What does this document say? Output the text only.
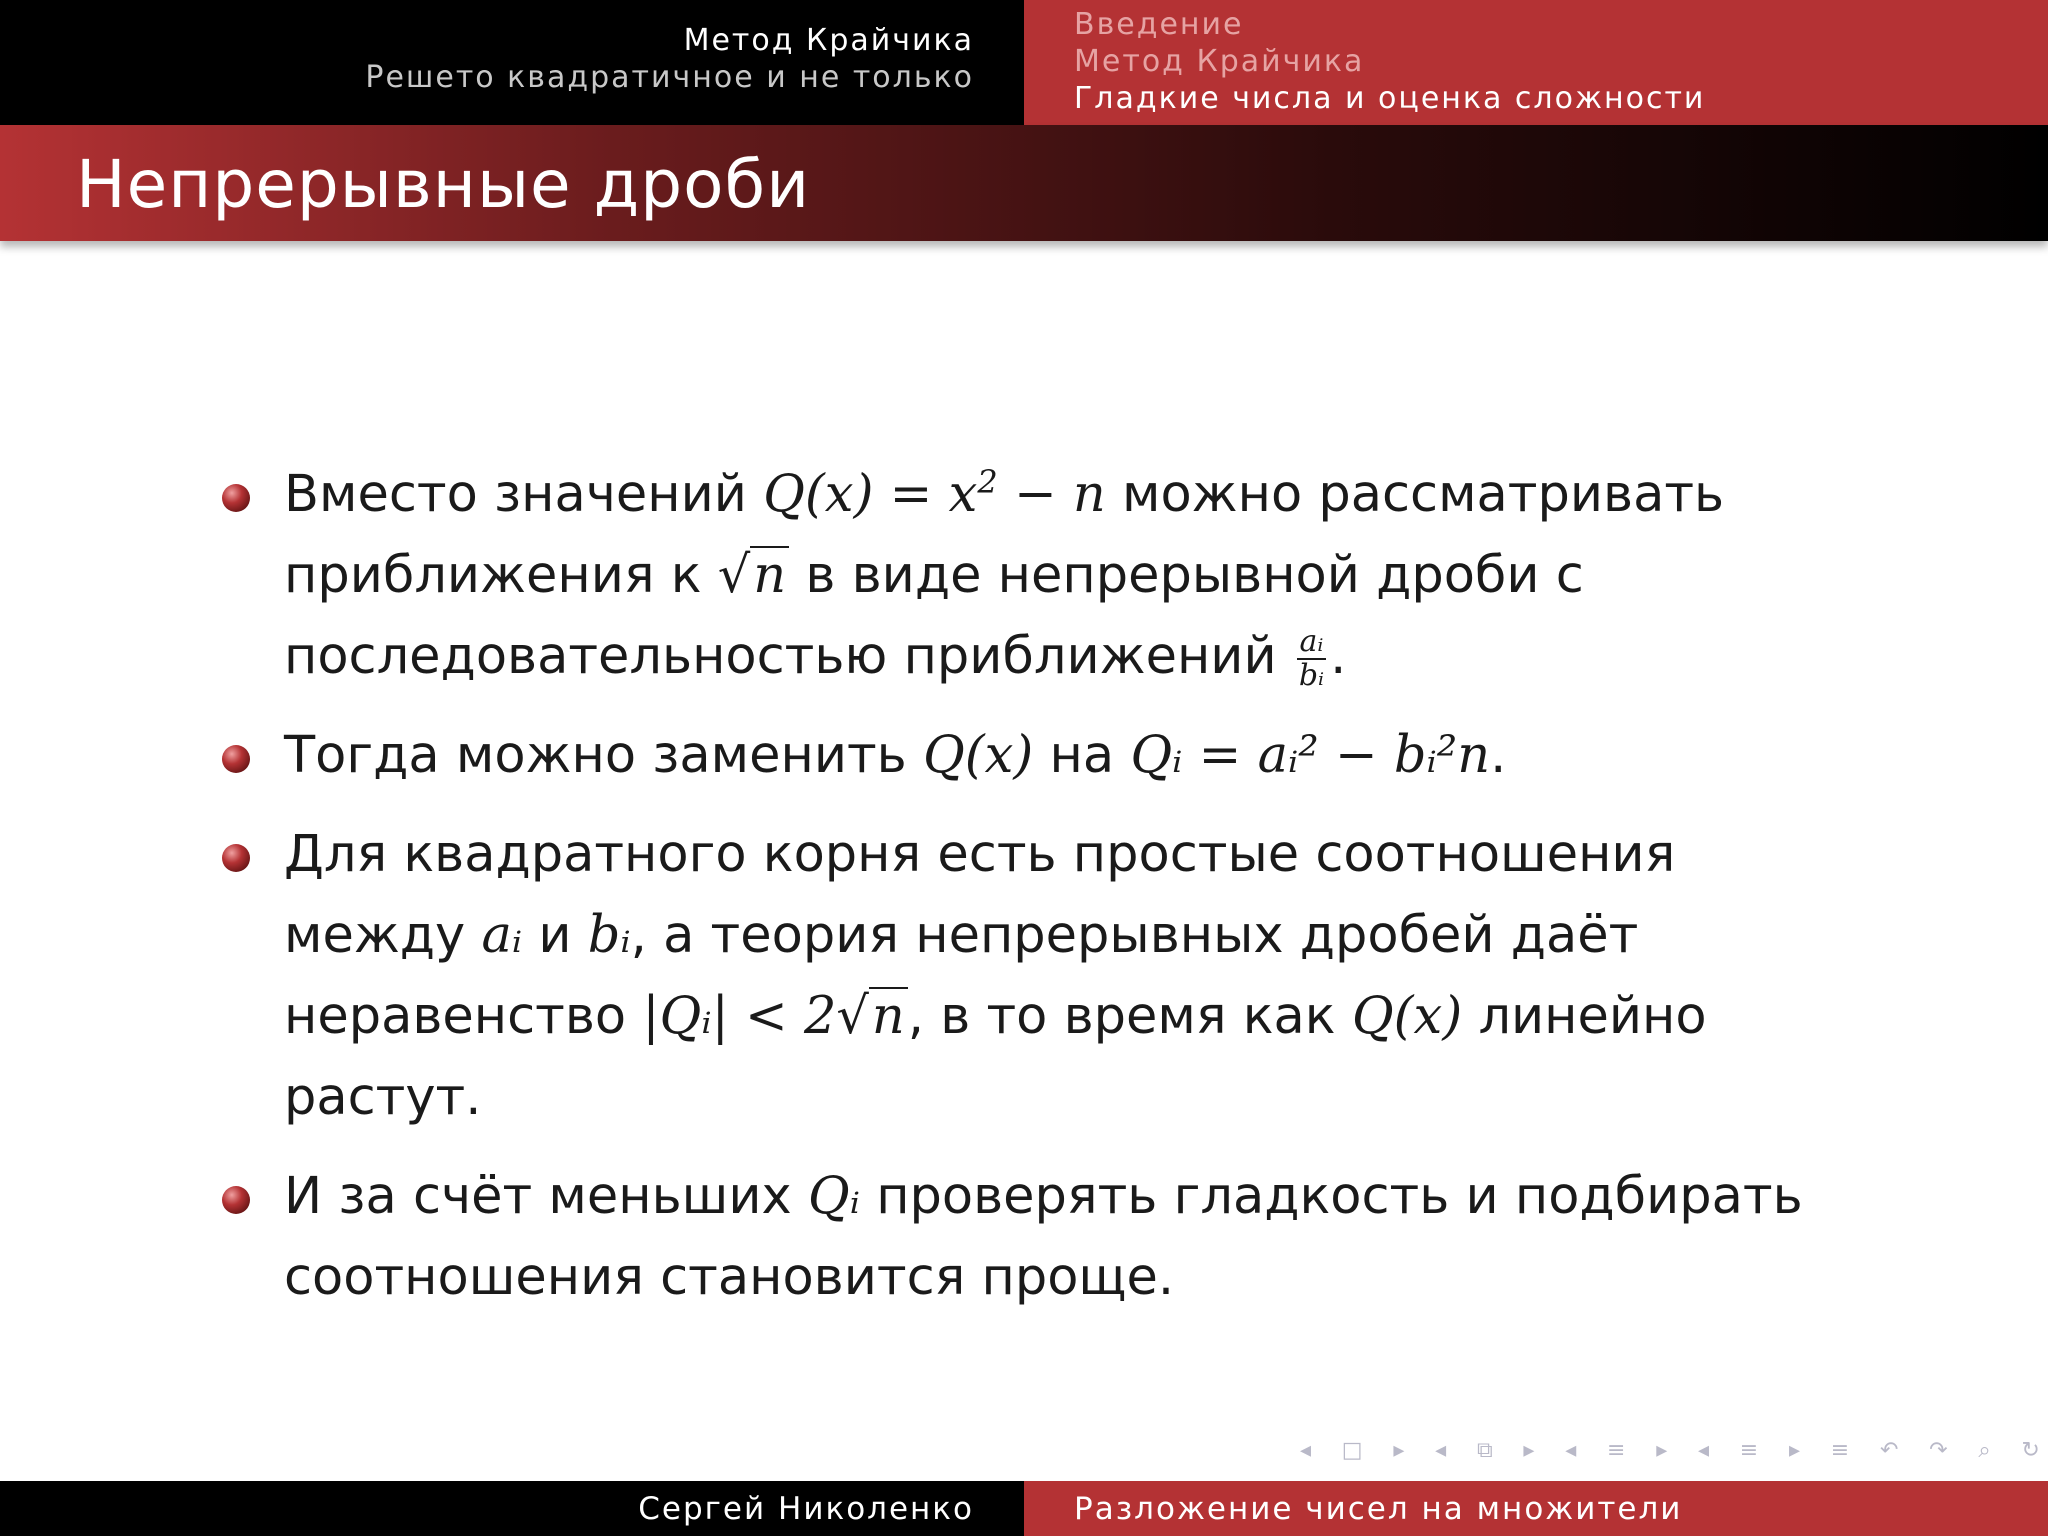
Метод Крайчика
Решето квадратичное и не только
Введение
Метод Крайчика
Гладкие числа и оценка сложности
Непрерывные дроби
Вместо значений $Q(x) = x^2 - n$ можно рассматривать приближения к √n в виде непрерывной дроби с последовательностью приближений $\frac{\text{aᵢ}}{\text{bᵢ}}$ .
Тогда можно заменить Q(x) на Qᵢ = aᵢ² − bᵢ²n.
Для квадратного корня есть простые соотношения между aᵢ и bᵢ, а теория непрерывных дробей даёт неравенство |Qᵢ| < 2√n, в то время как Q(x) линейно растут.
И за счёт меньших Qᵢ проверять гладкость и подбирать соотношения становится проще.
◂ □ ▸ ◂ ⧉ ▸ ◂ ≡ ▸ ◂ ≡ ▸ ≡ ↶ ↷ ⌕ ↻
Сергей Николенко	Разложение чисел на множители
